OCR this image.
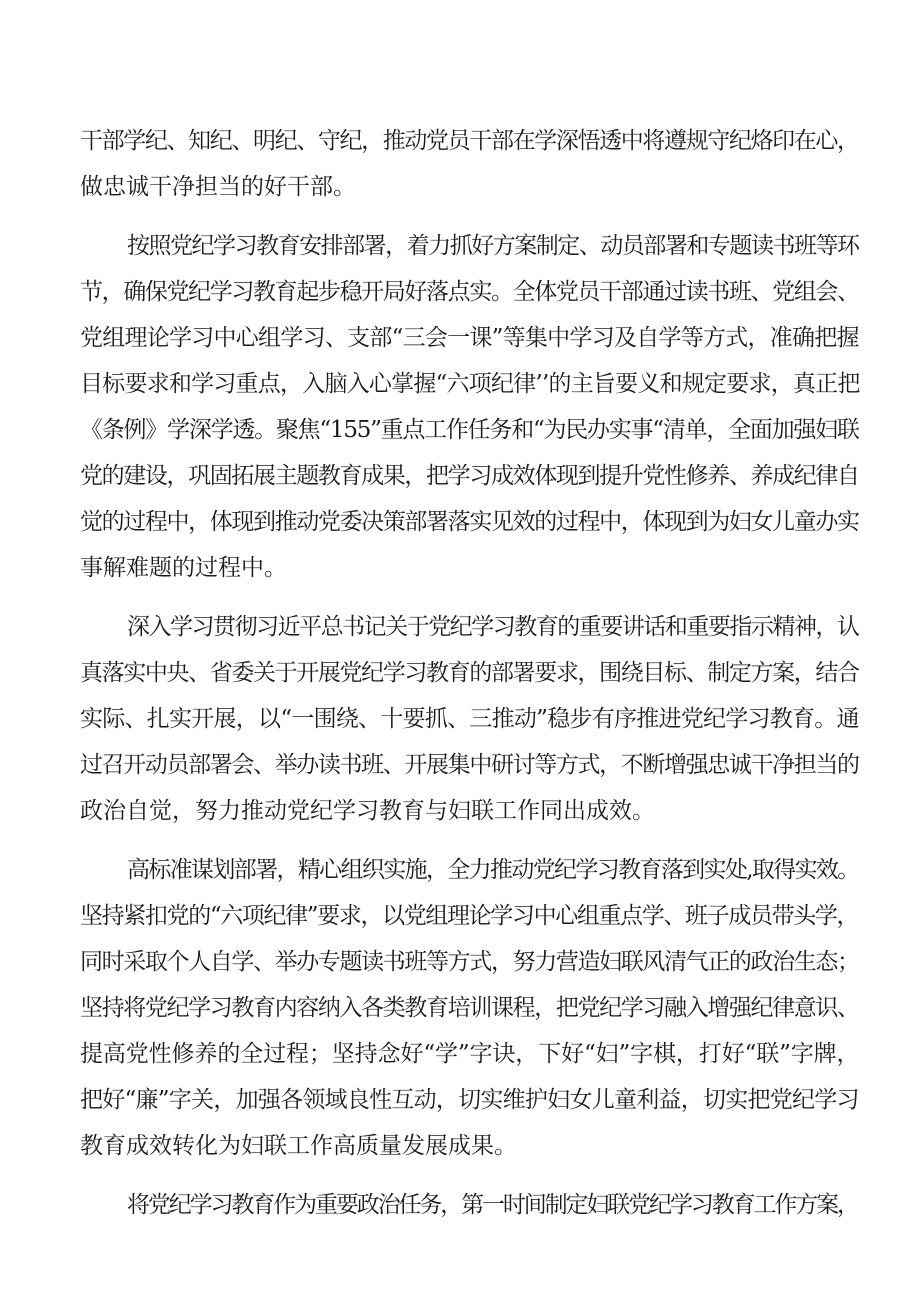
干部学纪、知纪、明纪、守纪，推动党员干部在学深悟透中将遵规守纪烙印在心，
做忠诚干净担当的好干部。
按照党纪学习教育安排部署，着力抓好方案制定、动员部署和专题读书班等环
节，确保党纪学习教育起步稳开局好落点实。全体党员干部通过读书班、党组会、
党组理论学习中心组学习、支部“三会一课”等集中学习及自学等方式，准确把握
目标要求和学习重点，入脑入心掌握“六项纪律’’的主旨要义和规定要求，真正把
《条例》学深学透。聚焦“155”重点工作任务和“为民办实事“清单，全面加强妇联
党的建设，巩固拓展主题教育成果，把学习成效体现到提升党性修养、养成纪律自
觉的过程中，体现到推动党委决策部署落实见效的过程中，体现到为妇女儿童办实
事解难题的过程中。
深入学习贯彻习近平总书记关于党纪学习教育的重要讲话和重要指示精神，认
真落实中央、省委关于开展党纪学习教育的部署要求，围绕目标、制定方案，结合
实际、扎实开展，以“一围绕、十要抓、三推动”稳步有序推进党纪学习教育。通
过召开动员部署会、举办读书班、开展集中研讨等方式，不断增强忠诚干净担当的
政治自觉，努力推动党纪学习教育与妇联工作同出成效。
高标准谋划部署，精心组织实施，全力推动党纪学习教育落到实处,取得实效。
坚持紧扣党的“六项纪律”要求，以党组理论学习中心组重点学、班子成员带头学，
同时采取个人自学、举办专题读书班等方式，努力营造妇联风清气正的政治生态；
坚持将党纪学习教育内容纳入各类教育培训课程，把党纪学习融入增强纪律意识、
提高党性修养的全过程；坚持念好“学”字诀，下好“妇”字棋，打好“联”字牌，
把好“廉”字关，加强各领域良性互动，切实维护妇女儿童利益，切实把党纪学习
教育成效转化为妇联工作高质量发展成果。
将党纪学习教育作为重要政治任务，第一时间制定妇联党纪学习教育工作方案，
